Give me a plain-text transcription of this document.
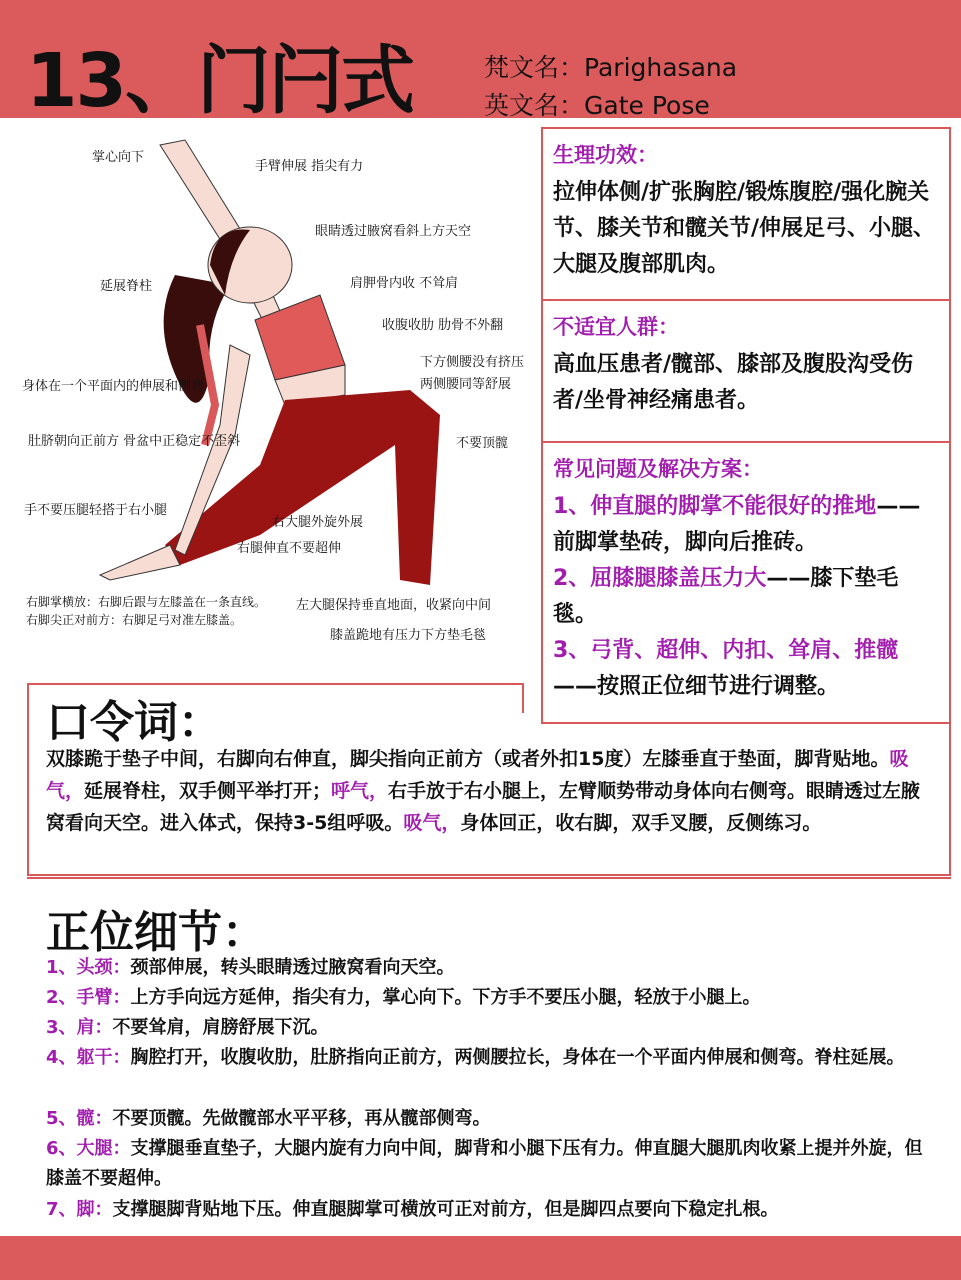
13、门闩式	梵文名：Parighasana
英文名：Gate Pose
掌心向下
手臂伸展 指尖有力
眼睛透过腋窝看斜上方天空
延展脊柱	肩胛骨内收 不耸肩
收腹收肋 肋骨不外翻
下方侧腰没有挤压
两侧腰同等舒展
身体在一个平面内的伸展和侧弯
肚脐朝向正前方 骨盆中正稳定不歪斜	不要顶髋
手不要压腿轻搭于右小腿
右大腿外旋外展
右腿伸直不要超伸
右脚掌横放：右脚后跟与左膝盖在一条直线。
右脚尖正对前方：右脚足弓对准左膝盖。
左大腿保持垂直地面，收紧向中间
膝盖跪地有压力下方垫毛毯
生理功效：
拉伸体侧/扩张胸腔/锻炼腹腔/强化腕关节、膝关节和髋关节/伸展足弓、小腿、大腿及腹部肌肉。
不适宜人群：
高血压患者/髋部、膝部及腹股沟受伤者/坐骨神经痛患者。
常见问题及解决方案：
1、伸直腿的脚掌不能很好的推地——前脚掌垫砖，脚向后推砖。
2、屈膝腿膝盖压力大——膝下垫毛毯。
3、弓背、超伸、内扣、耸肩、推髋——按照正位细节进行调整。
口令词：
双膝跪于垫子中间，右脚向右伸直，脚尖指向正前方（或者外扣15度）左膝垂直于垫面，脚背贴地。吸气，延展脊柱，双手侧平举打开；呼气，右手放于右小腿上，左臂顺势带动身体向右侧弯。眼睛透过左腋窝看向天空。进入体式，保持3-5组呼吸。吸气，身体回正，收右脚，双手叉腰，反侧练习。
正位细节：
1、头颈：颈部伸展，转头眼睛透过腋窝看向天空。
2、手臂：上方手向远方延伸，指尖有力，掌心向下。下方手不要压小腿，轻放于小腿上。
3、肩：不要耸肩，肩膀舒展下沉。
4、躯干：胸腔打开，收腹收肋，肚脐指向正前方，两侧腰拉长，身体在一个平面内伸展和侧弯。脊柱延展。
5、髋：不要顶髋。先做髋部水平平移，再从髋部侧弯。
6、大腿：支撑腿垂直垫子，大腿内旋有力向中间，脚背和小腿下压有力。伸直腿大腿肌肉收紧上提并外旋，但膝盖不要超伸。
7、脚：支撑腿脚背贴地下压。伸直腿脚掌可横放可正对前方，但是脚四点要向下稳定扎根。
